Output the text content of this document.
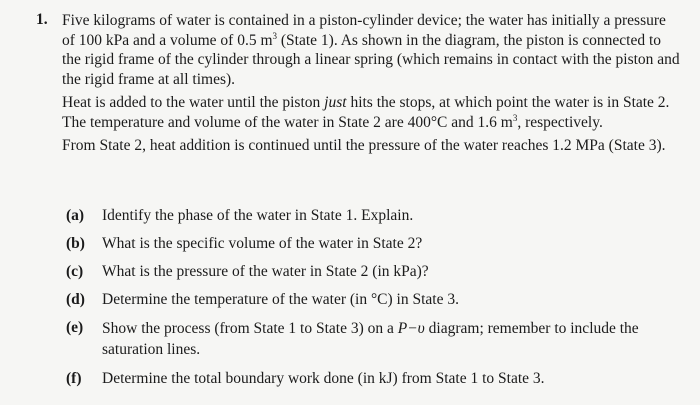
1. Five kilograms of water is contained in a piston-cylinder device; the water has initially a pressure of 100 kPa and a volume of 0.5 $m^3$ (State 1). As shown in the diagram, the piston is connected to the rigid frame of the cylinder through a linear spring (which remains in contact with the piston and the rigid frame at all times).

Heat is added to the water until the piston just hits the stops, at which point the water is in State 2. The temperature and volume of the water in State 2 are 400°C and 1.6 $m^3$, respectively.

From State 2, heat addition is continued until the pressure of the water reaches 1.2 MPa (State 3).

(a) Identify the phase of the water in State 1. Explain.
(b) What is the specific volume of the water in State 2?
(c) What is the pressure of the water in State 2 (in kPa)?
(d) Determine the temperature of the water (in °C) in State 3.
(e) Show the process (from State 1 to State 3) on a P−υ diagram; remember to include the saturation lines.
(f) Determine the total boundary work done (in kJ) from State 1 to State 3.
